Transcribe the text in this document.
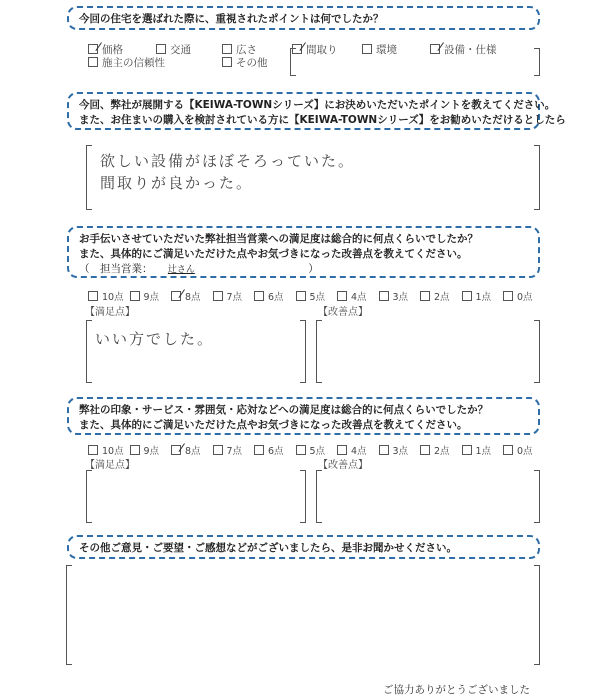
今回の住宅を選ばれた際に、重視されたポイントは何でしたか？
価格	交通	広さ	間取り	環境	設備・仕様
施主の信頼性	その他
今回、弊社が展開する【KEIWA-TOWNシリーズ】にお決めいただいたポイントを教えてください。
また、お住まいの購入を検討されている方に【KEIWA-TOWNシリーズ】をお勧めいただけるとしたら
欲しい設備がほぼそろっていた。
間取りが良かった。
お手伝いさせていただいた弊社担当営業への満足度は総合的に何点くらいでしたか？
また、具体的にご満足いただけた点やお気づきになった改善点を教えてください。
（　担当営業： 辻さん	）
10点	9点	8点	7点	6点	5点	4点	3点	2点	1点	0点
【満足点】	【改善点】
いい方でした。
弊社の印象・サービス・雰囲気・応対などへの満足度は総合的に何点くらいでしたか？
また、具体的にご満足いただけた点やお気づきになった改善点を教えてください。
10点	9点	8点	7点	6点	5点	4点	3点	2点	1点	0点
【満足点】	【改善点】
その他ご意見・ご要望・ご感想などがございましたら、是非お聞かせください。
ご協力ありがとうございました
